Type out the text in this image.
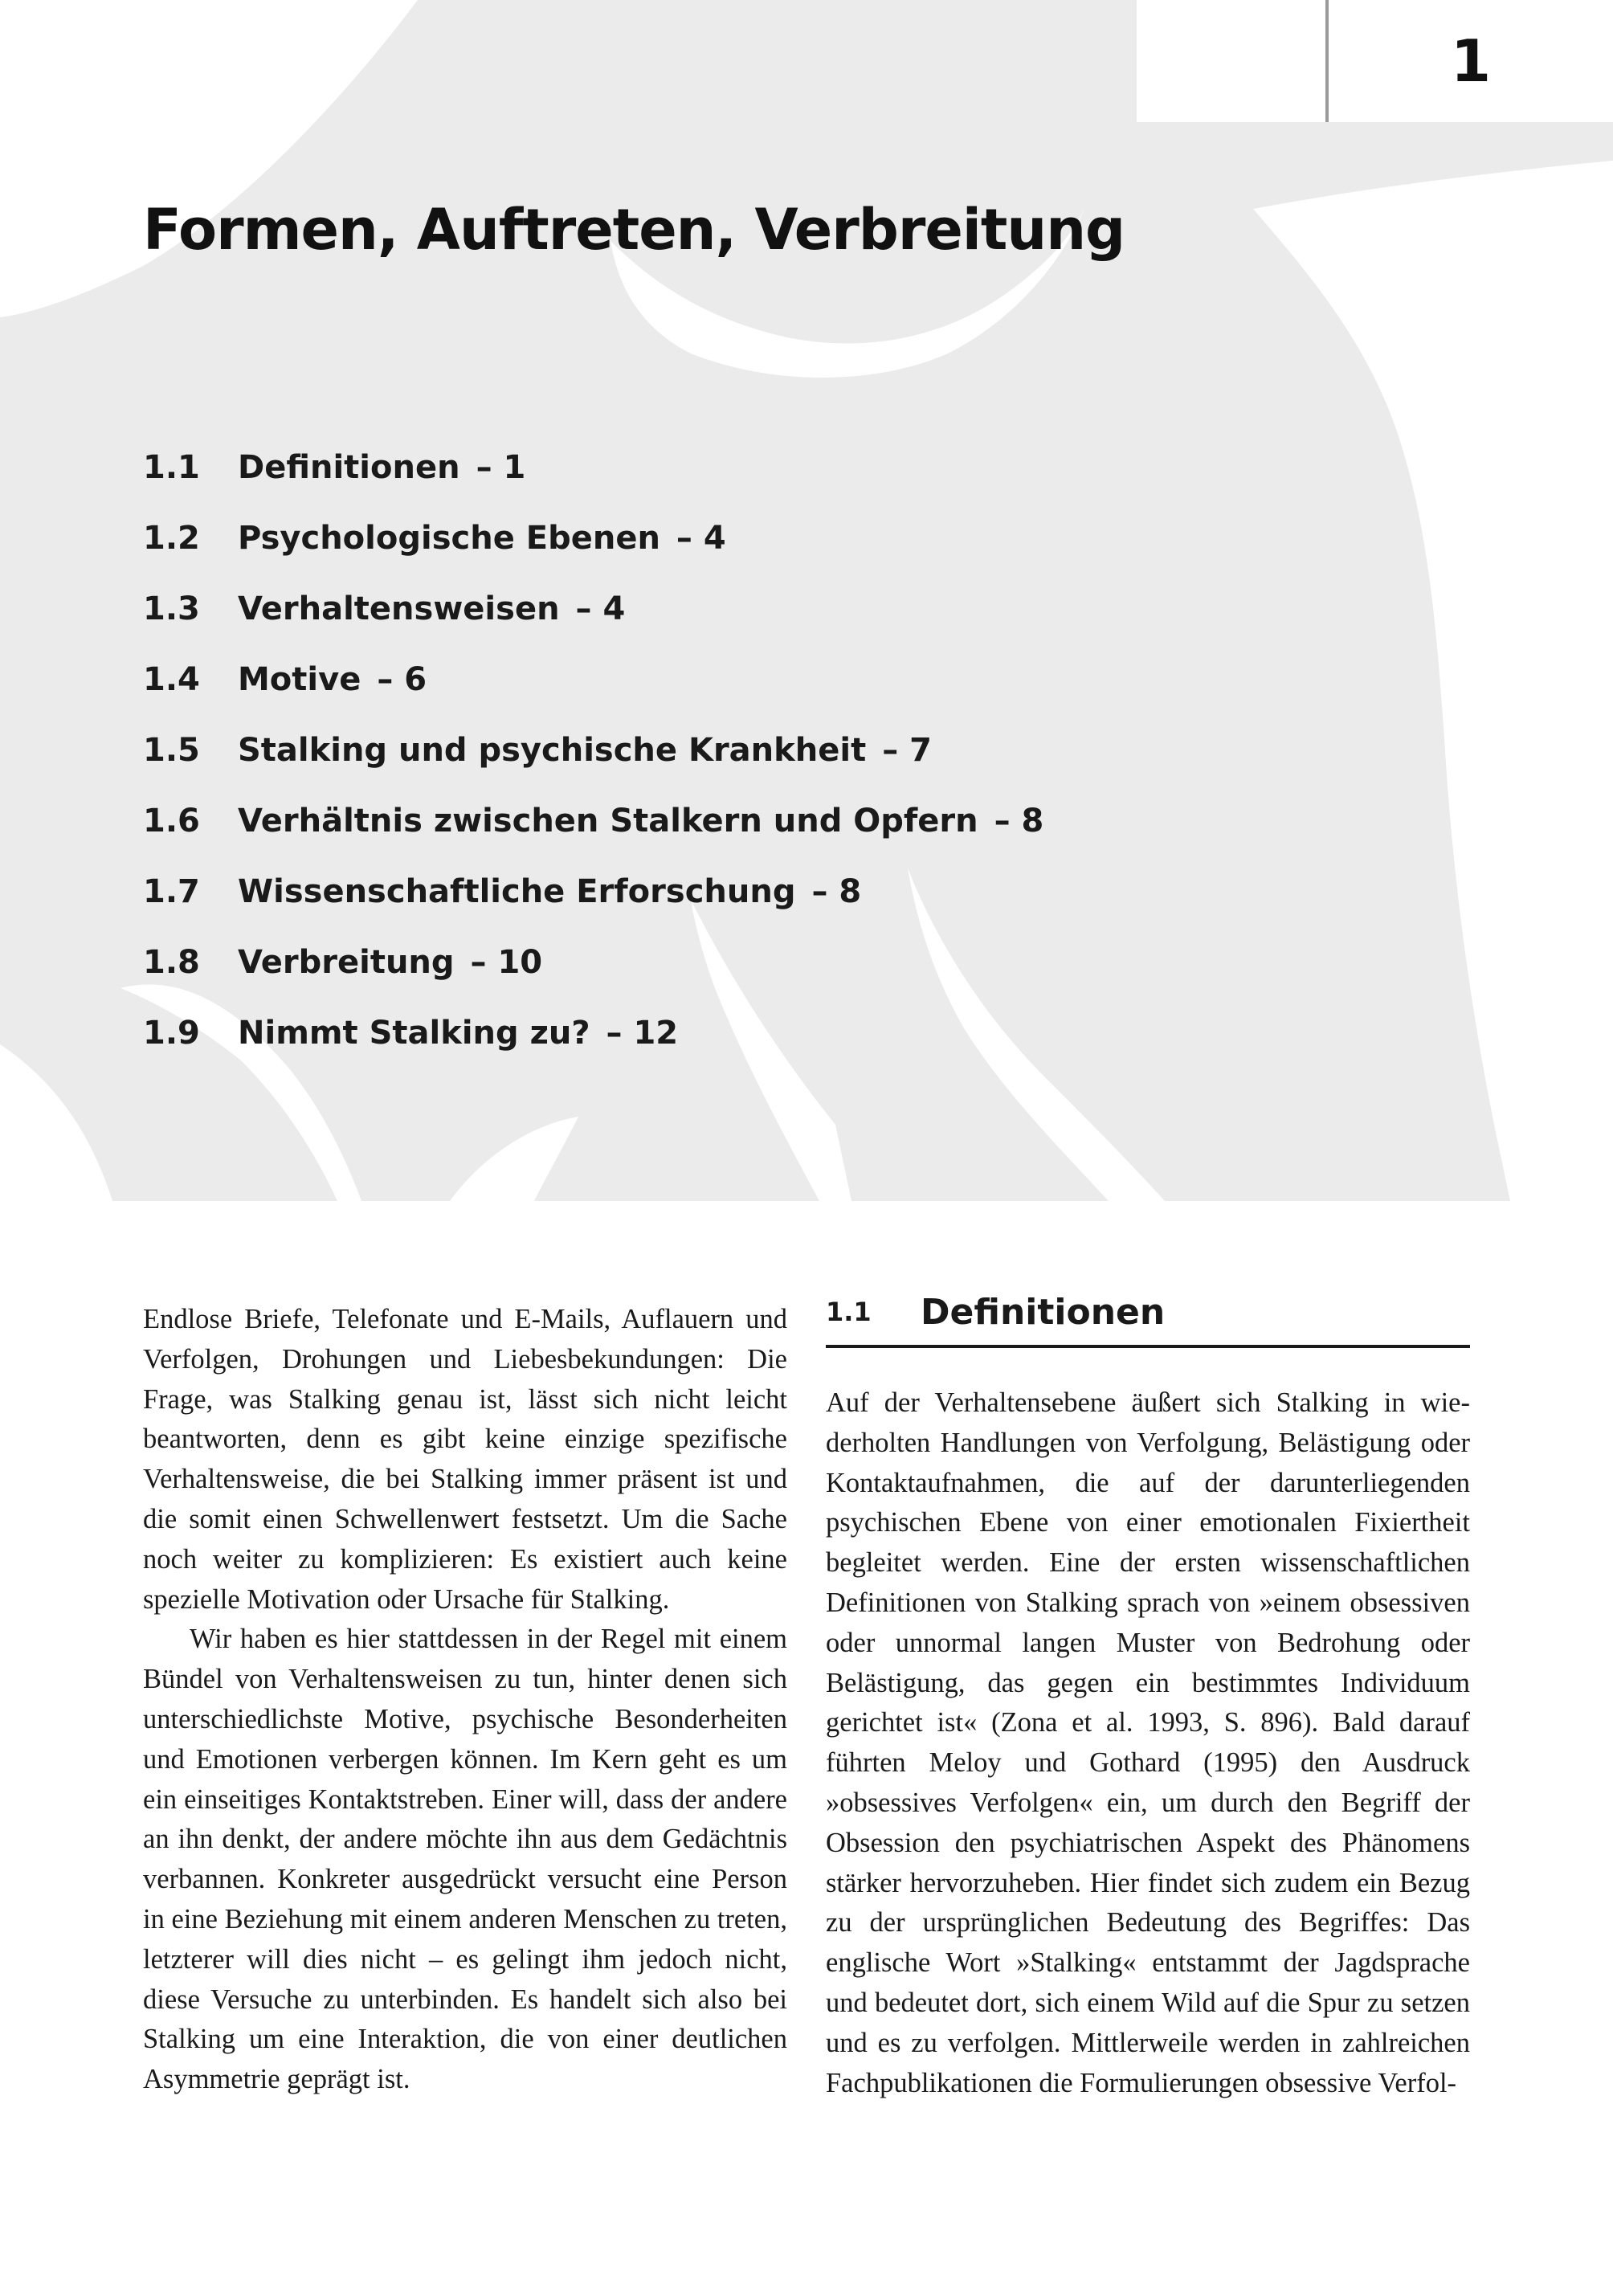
1
Formen, Auftreten, Verbreitung
1.1	Definitionen – 1
1.2	Psychologische Ebenen – 4
1.3	Verhaltensweisen – 4
1.4	Motive – 6
1.5	Stalking und psychische Krankheit – 7
1.6	Verhältnis zwischen Stalkern und Opfern – 8
1.7	Wissenschaftliche Erforschung – 8
1.8	Verbreitung – 10
1.9	Nimmt Stalking zu? – 12

Endlose Briefe, Telefonate und E-Mails, Auflauern und Verfolgen, Drohungen und Liebesbekundungen: Die Frage, was Stalking genau ist, lässt sich nicht leicht beantworten, denn es gibt keine einzige spezifische Verhaltensweise, die bei Stalking immer präsent ist und die somit einen Schwellenwert festsetzt. Um die Sache noch weiter zu komplizieren: Es existiert auch keine spezielle Motivation oder Ursache für Stalking.

Wir haben es hier stattdessen in der Regel mit einem Bündel von Verhaltensweisen zu tun, hinter denen sich unterschiedlichste Motive, psychische Besonderheiten und Emotionen verbergen können. Im Kern geht es um ein einseitiges Kontaktstreben. Einer will, dass der andere an ihn denkt, der andere möchte ihn aus dem Gedächtnis verbannen. Konkreter ausgedrückt versucht eine Person in eine Beziehung mit einem anderen Menschen zu treten, letzterer will dies nicht – es gelingt ihm jedoch nicht, diese Versuche zu unterbinden. Es handelt sich also bei Stalking um eine Interaktion, die von einer deutlichen Asymmetrie geprägt ist.

1.1	Definitionen

Auf der Verhaltensebene äußert sich Stalking in wiederholten Handlungen von Verfolgung, Belästigung oder Kontaktaufnahmen, die auf der darunterliegenden psychischen Ebene von einer emotionalen Fixiertheit begleitet werden. Eine der ersten wissenschaftlichen Definitionen von Stalking sprach von »einem obsessiven oder unnormal langen Muster von Bedrohung oder Belästigung, das gegen ein bestimmtes Individuum gerichtet ist« (Zona et al. 1993, S. 896). Bald darauf führten Meloy und Gothard (1995) den Ausdruck »obsessives Verfolgen« ein, um durch den Begriff der Obsession den psychiatrischen Aspekt des Phänomens stärker hervorzuheben. Hier findet sich zudem ein Bezug zu der ursprünglichen Bedeutung des Begriffes: Das englische Wort »Stalking« entstammt der Jagdsprache und bedeutet dort, sich einem Wild auf die Spur zu setzen und es zu verfolgen. Mittlerweile werden in zahlreichen Fachpublikationen die Formulierungen obsessive Verfol-
